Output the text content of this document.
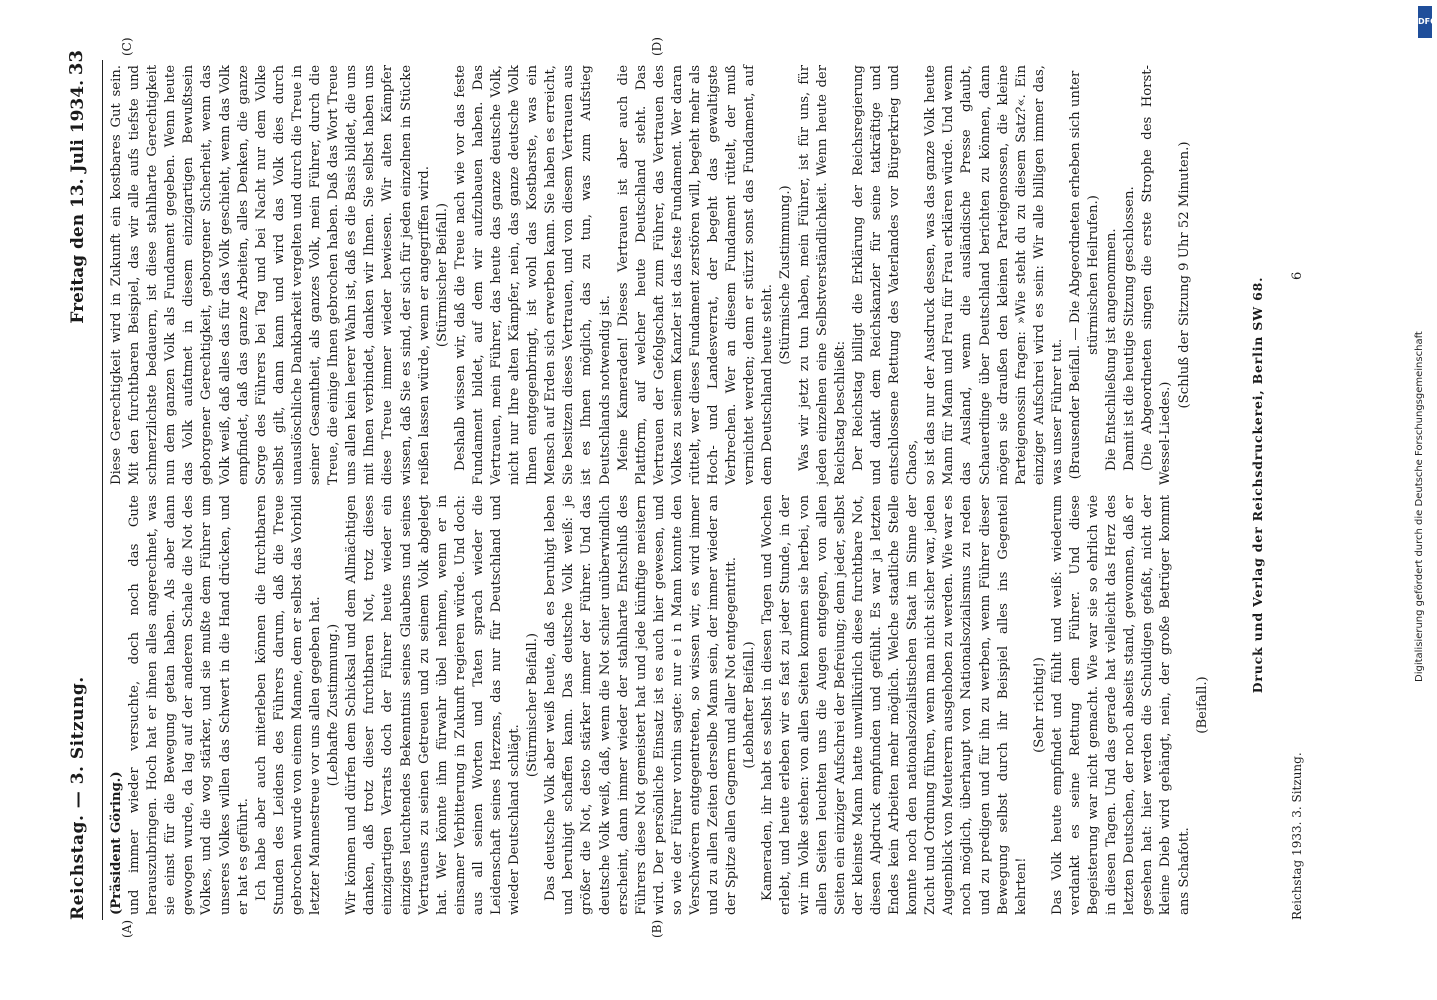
Reichstag. — 3. Sitzung.
Freitag den 13. Juli 1934.
33
(A)	(B)
(C)	(D)

(Präsident Göring.) und immer wieder versuchte, doch noch das Gute herauszubringen. Hoch hat er ihnen alles angerechnet, was sie einst für die Bewegung getan haben. Als aber dann gewogen wurde, da lag auf der anderen Schale die Not des Volkes, und die wog stärker, und sie mußte dem Führer um unseres Volkes willen das Schwert in die Hand drücken, und er hat es geführt. Ich habe aber auch miterleben können die furchtbaren Stunden des Leidens des Führers darum, daß die Treue gebrochen wurde von einem Manne, dem er selbst das Vorbild letzter Mannestreue vor uns allen gegeben hat. (Lebhafte Zustimmung.) Wir können und dürfen dem Schicksal und dem Allmächtigen danken, daß trotz dieser furchtbaren Not, trotz dieses einzigartigen Verrats doch der Führer heute wieder ein einziges leuchtendes Bekenntnis seines Glaubens und seines Vertrauens zu seinen Getreuen und zu seinem Volk abgelegt hat. Wer könnte ihm fürwahr übel nehmen, wenn er in einsamer Verbitterung in Zukunft regieren würde. Und doch: aus all seinen Worten und Taten sprach wieder die Leidenschaft seines Herzens, das nur für Deutschland und wieder Deutschland schlägt.

(Stürmischer Beifall.) Das deutsche Volk aber weiß heute, daß es beruhigt leben und beruhigt schaffen kann. Das deutsche Volk weiß: je größer die Not, desto stärker immer der Führer. Und das deutsche Volk weiß, daß, wenn die Not schier unüberwindlich erscheint, dann immer wieder der stahlharte Entschluß des Führers diese Not gemeistert hat und jede künftige meistern wird. Der persönliche Einsatz ist es auch hier gewesen, und so wie der Führer vorhin sagte: nur e i n Mann konnte den Verschwörern entgegentreten, so wissen wir, es wird immer und zu allen Zeiten derselbe Mann sein, der immer wieder an der Spitze allen Gegnern und aller Not entgegentritt. (Lebhafter Beifall.) Kameraden, ihr habt es selbst in diesen Tagen und Wochen erlebt, und heute erleben wir es fast zu jeder Stunde, in der wir im Volke stehen: von allen Seiten kommen sie herbei, von allen Seiten leuchten uns die Augen entgegen, von allen Seiten ein einziger Aufschrei der Befreiung; denn jeder, selbst der kleinste Mann hatte unwillkürlich diese furchtbare Not, diesen Alpdruck empfunden und gefühlt. Es war ja letzten Endes kein Arbeiten mehr möglich. Welche staatliche Stelle konnte noch den nationalsozialistischen Staat im Sinne der Zucht und Ordnung führen, wenn man nicht sicher war, jeden Augenblick von Meuterern ausgehoben zu werden. Wie war es noch möglich, überhaupt von Nationalsozialismus zu reden und zu predigen und für ihn zu werben, wenn Führer dieser Bewegung selbst durch ihr Beispiel alles ins Gegenteil kehrten!

(Sehr richtig!) Das Volk heute empfindet und fühlt und weiß: wiederum verdankt es seine Rettung dem Führer. Und diese Begeisterung war nicht gemacht. Wie war sie so ehrlich wie in diesen Tagen. Und das gerade hat vielleicht das Herz des letzten Deutschen, der noch abseits stand, gewonnen, daß er gesehen hat: hier werden die Schuldigen gefaßt, nicht der kleine Dieb wird gehängt, nein, der große Betrüger kommt ans Schafott.

(Beifall.)

Diese Gerechtigkeit wird in Zukunft ein kostbares Gut sein. Mit den furchtbaren Beispiel, das wir alle aufs tiefste und schmerzlichste bedauern, ist diese stahlharte Gerechtigkeit nun dem ganzen Volk als Fundament gegeben. Wenn heute das Volk aufatmet in diesem einzigartigen Bewußtsein geborgener Gerechtigkeit, geborgener Sicherheit, wenn das Volk weiß, daß alles das für das Volk geschieht, wenn das Volk empfindet, daß das ganze Arbeiten, alles Denken, die ganze Sorge des Führers bei Tag und bei Nacht nur dem Volke selbst gilt, dann kann und wird das Volk dies durch unauslöschliche Dankbarkeit vergelten und durch die Treue in seiner Gesamtheit, als ganzes Volk, mein Führer, durch die Treue, die einige Ihnen gebrochen haben. Daß das Wort Treue uns allen kein leerer Wahn ist, daß es die Basis bildet, die uns mit Ihnen verbindet, danken wir Ihnen. Sie selbst haben uns diese Treue immer wieder bewiesen. Wir alten Kämpfer wissen, daß Sie es sind, der sich für jeden einzelnen in Stücke reißen lassen würde, wenn er angegriffen wird. (Stürmischer Beifall.) Deshalb wissen wir, daß die Treue nach wie vor das feste Fundament bildet, auf dem wir aufzubauen haben. Das Vertrauen, mein Führer, das heute das ganze deutsche Volk, nicht nur Ihre alten Kämpfer, nein, das ganze deutsche Volk Ihnen entgegenbringt, ist wohl das Kostbarste, was ein Mensch auf Erden sich erwerben kann. Sie haben es erreicht, Sie besitzen dieses Vertrauen, und von diesem Vertrauen aus ist es Ihnen möglich, das zu tun, was zum Aufstieg Deutschlands notwendig ist. Meine Kameraden! Dieses Vertrauen ist aber auch die Plattform, auf welcher heute Deutschland steht. Das Vertrauen der Gefolgschaft zum Führer, das Vertrauen des Volkes zu seinem Kanzler ist das feste Fundament. Wer daran rüttelt, wer dieses Fundament zerstören will, begeht mehr als Hoch- und Landesverrat, der begeht das gewaltigste Verbrechen. Wer an diesem Fundament rüttelt, der muß vernichtet werden; denn er stürzt sonst das Fundament, auf dem Deutschland heute steht.

(Stürmische Zustimmung.) Was wir jetzt zu tun haben, mein Führer, ist für uns, für jeden einzelnen eine Selbstverständlichkeit. Wenn heute der Reichstag beschließt: Der Reichstag billigt die Erklärung der Reichsregierung und dankt dem Reichskanzler für seine tatkräftige und entschlossene Rettung des Vaterlandes vor Bürgerkrieg und Chaos, so ist das nur der Ausdruck dessen, was das ganze Volk heute Mann für Mann und Frau für Frau erklären würde. Und wenn das Ausland, wenn die ausländische Presse glaubt, Schauerdinge über Deutschland berichten zu können, dann mögen sie draußen den kleinen Parteigenossen, die kleine Parteigenossin fragen: »Wie steht du zu diesem Satz?«. Ein einziger Aufschrei wird es sein: Wir alle billigen immer das, was unser Führer tut. (Brausender Beifall. — Die Abgeordneten erheben sich unter stürmischen Heilrufen.) Die Entschließung ist angenommen. Damit ist die heutige Sitzung geschlossen. (Die Abgeordneten singen die erste Strophe des Horst-Wessel-Liedes.)

(Schluß der Sitzung 9 Uhr 52 Minuten.)

Druck und Verlag der Reichsdruckerei, Berlin SW 68.
Reichstag 1933. 3. Sitzung.
6
DFG
Digitalisierung gefördert durch die Deutsche Forschungsgemeinschaft
